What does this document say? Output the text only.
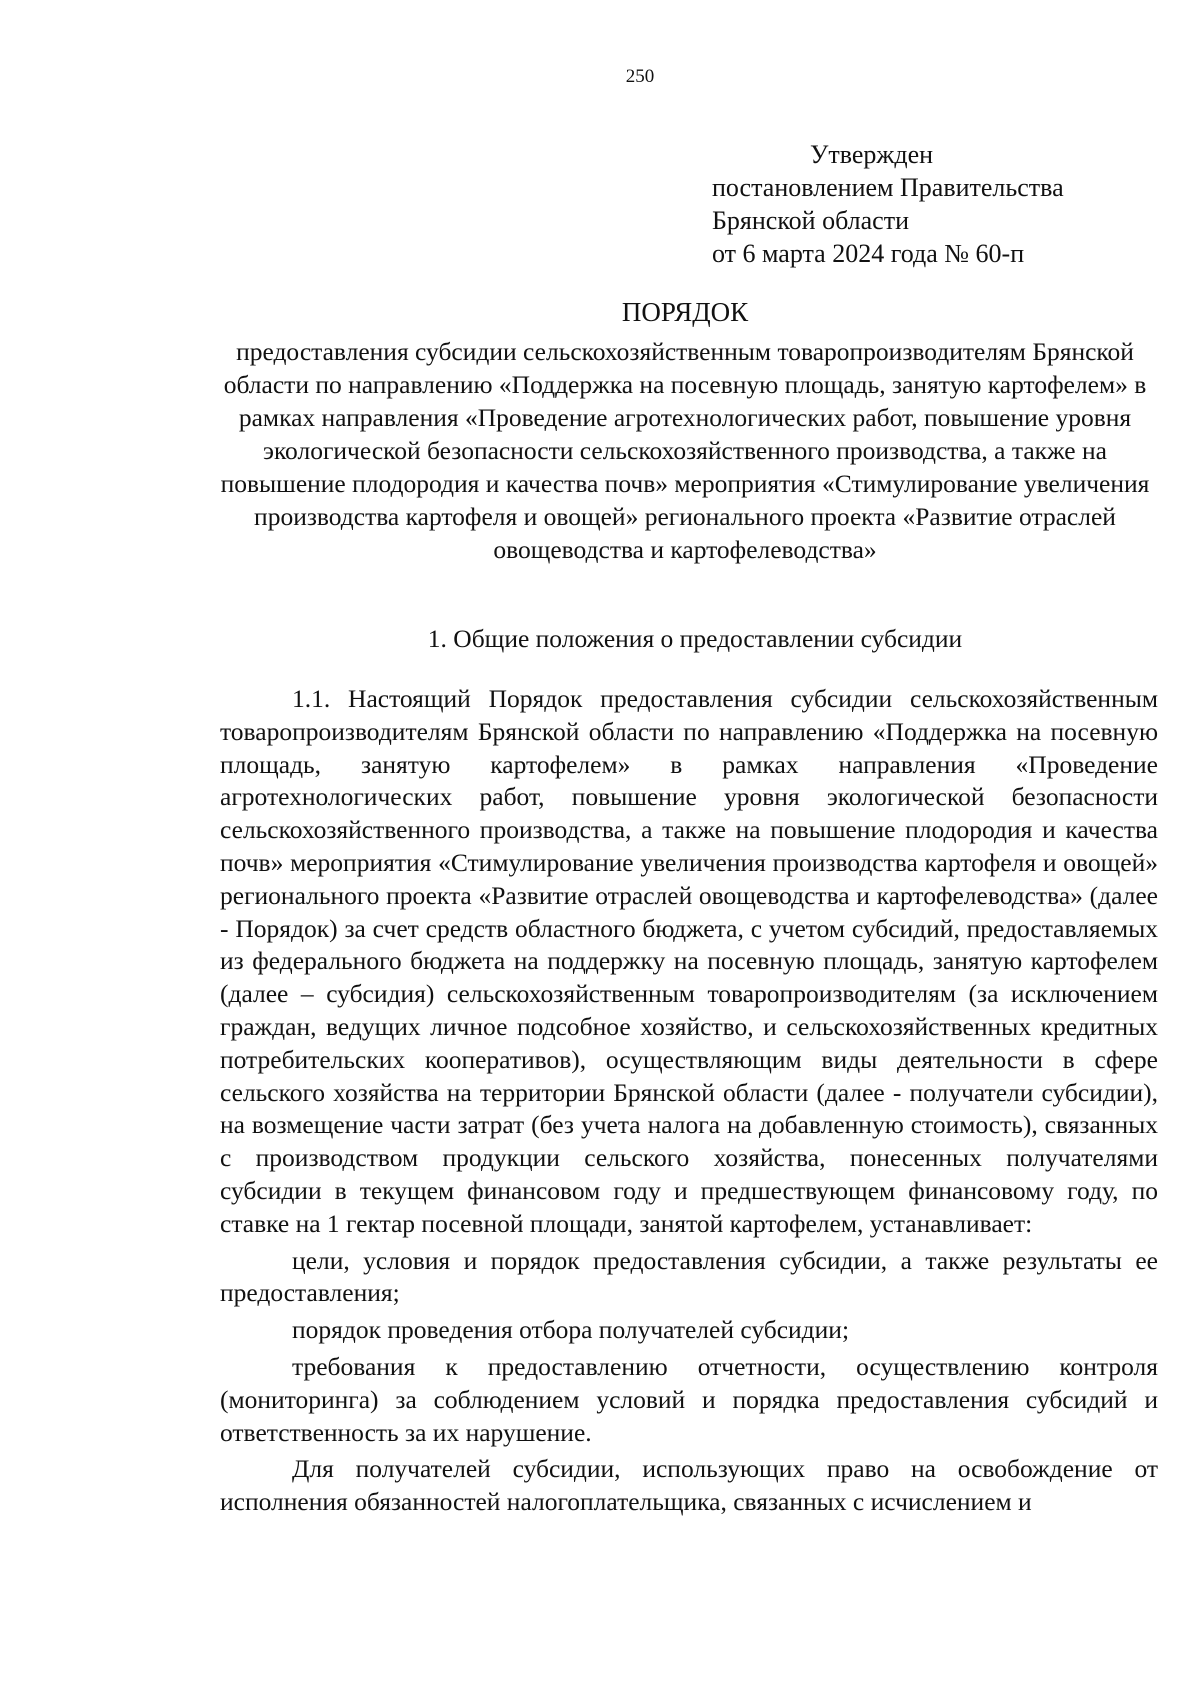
250
Утвержден
постановлением Правительства
Брянской области
от 6 марта 2024 года № 60-п
ПОРЯДОК
предоставления субсидии сельскохозяйственным товаропроизводителям Брянской области по направлению «Поддержка на посевную площадь, занятую картофелем» в рамках направления «Проведение агротехнологических работ, повышение уровня экологической безопасности сельскохозяйственного производства, а также на повышение плодородия и качества почв» мероприятия «Стимулирование увеличения производства картофеля и овощей» регионального проекта «Развитие отраслей овощеводства и картофелеводства»
1. Общие положения о предоставлении субсидии

1.1. Настоящий Порядок предоставления субсидии сельскохозяйственным товаропроизводителям Брянской области по направлению «Поддержка на посевную площадь, занятую картофелем» в рамках направления «Проведение агротехнологических работ, повышение уровня экологической безопасности сельскохозяйственного производства, а также на повышение плодородия и качества почв» мероприятия «Стимулирование увеличения производства картофеля и овощей» регионального проекта «Развитие отраслей овощеводства и картофелеводства» (далее - Порядок) за счет средств областного бюджета, с учетом субсидий, предоставляемых из федерального бюджета на поддержку на посевную площадь, занятую картофелем (далее – субсидия) сельскохозяйственным товаропроизводителям (за исключением граждан, ведущих личное подсобное хозяйство, и сельскохозяйственных кредитных потребительских кооперативов), осуществляющим виды деятельности в сфере сельского хозяйства на территории Брянской области (далее - получатели субсидии), на возмещение части затрат (без учета налога на добавленную стоимость), связанных с производством продукции сельского хозяйства, понесенных получателями субсидии в текущем финансовом году и предшествующем финансовому году, по ставке на 1 гектар посевной площади, занятой картофелем, устанавливает:

цели, условия и порядок предоставления субсидии, а также результаты ее предоставления;

порядок проведения отбора получателей субсидии;

требования к предоставлению отчетности, осуществлению контроля (мониторинга) за соблюдением условий и порядка предоставления субсидий и ответственность за их нарушение.

Для получателей субсидии, использующих право на освобождение от исполнения обязанностей налогоплательщика, связанных с исчислением и
